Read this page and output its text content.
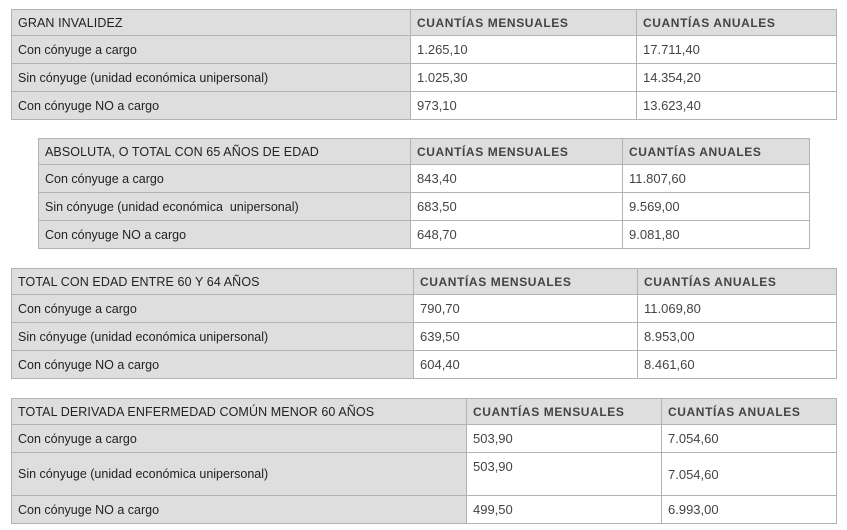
GRAN INVALIDEZ	CUANTÍAS MENSUALES	CUANTÍAS ANUALES
Con cónyuge a cargo	1.265,10	17.711,40
Sin cónyuge (unidad económica unipersonal)	1.025,30	14.354,20
Con cónyuge NO a cargo	973,10	13.623,40
ABSOLUTA, O TOTAL CON 65 AÑOS DE EDAD	CUANTÍAS MENSUALES	CUANTÍAS ANUALES
Con cónyuge a cargo	843,40	11.807,60
Sin cónyuge (unidad económica  unipersonal)	683,50	9.569,00
Con cónyuge NO a cargo	648,70	9.081,80
TOTAL CON EDAD ENTRE 60 Y 64 AÑOS	CUANTÍAS MENSUALES	CUANTÍAS ANUALES
Con cónyuge a cargo	790,70	11.069,80
Sin cónyuge (unidad económica unipersonal)	639,50	8.953,00
Con cónyuge NO a cargo	604,40	8.461,60
TOTAL DERIVADA ENFERMEDAD COMÚN MENOR 60 AÑOS	CUANTÍAS MENSUALES	CUANTÍAS ANUALES
Con cónyuge a cargo	503,90	7.054,60
Sin cónyuge (unidad económica unipersonal)	503,90	7.054,60
Con cónyuge NO a cargo	499,50	6.993,00
